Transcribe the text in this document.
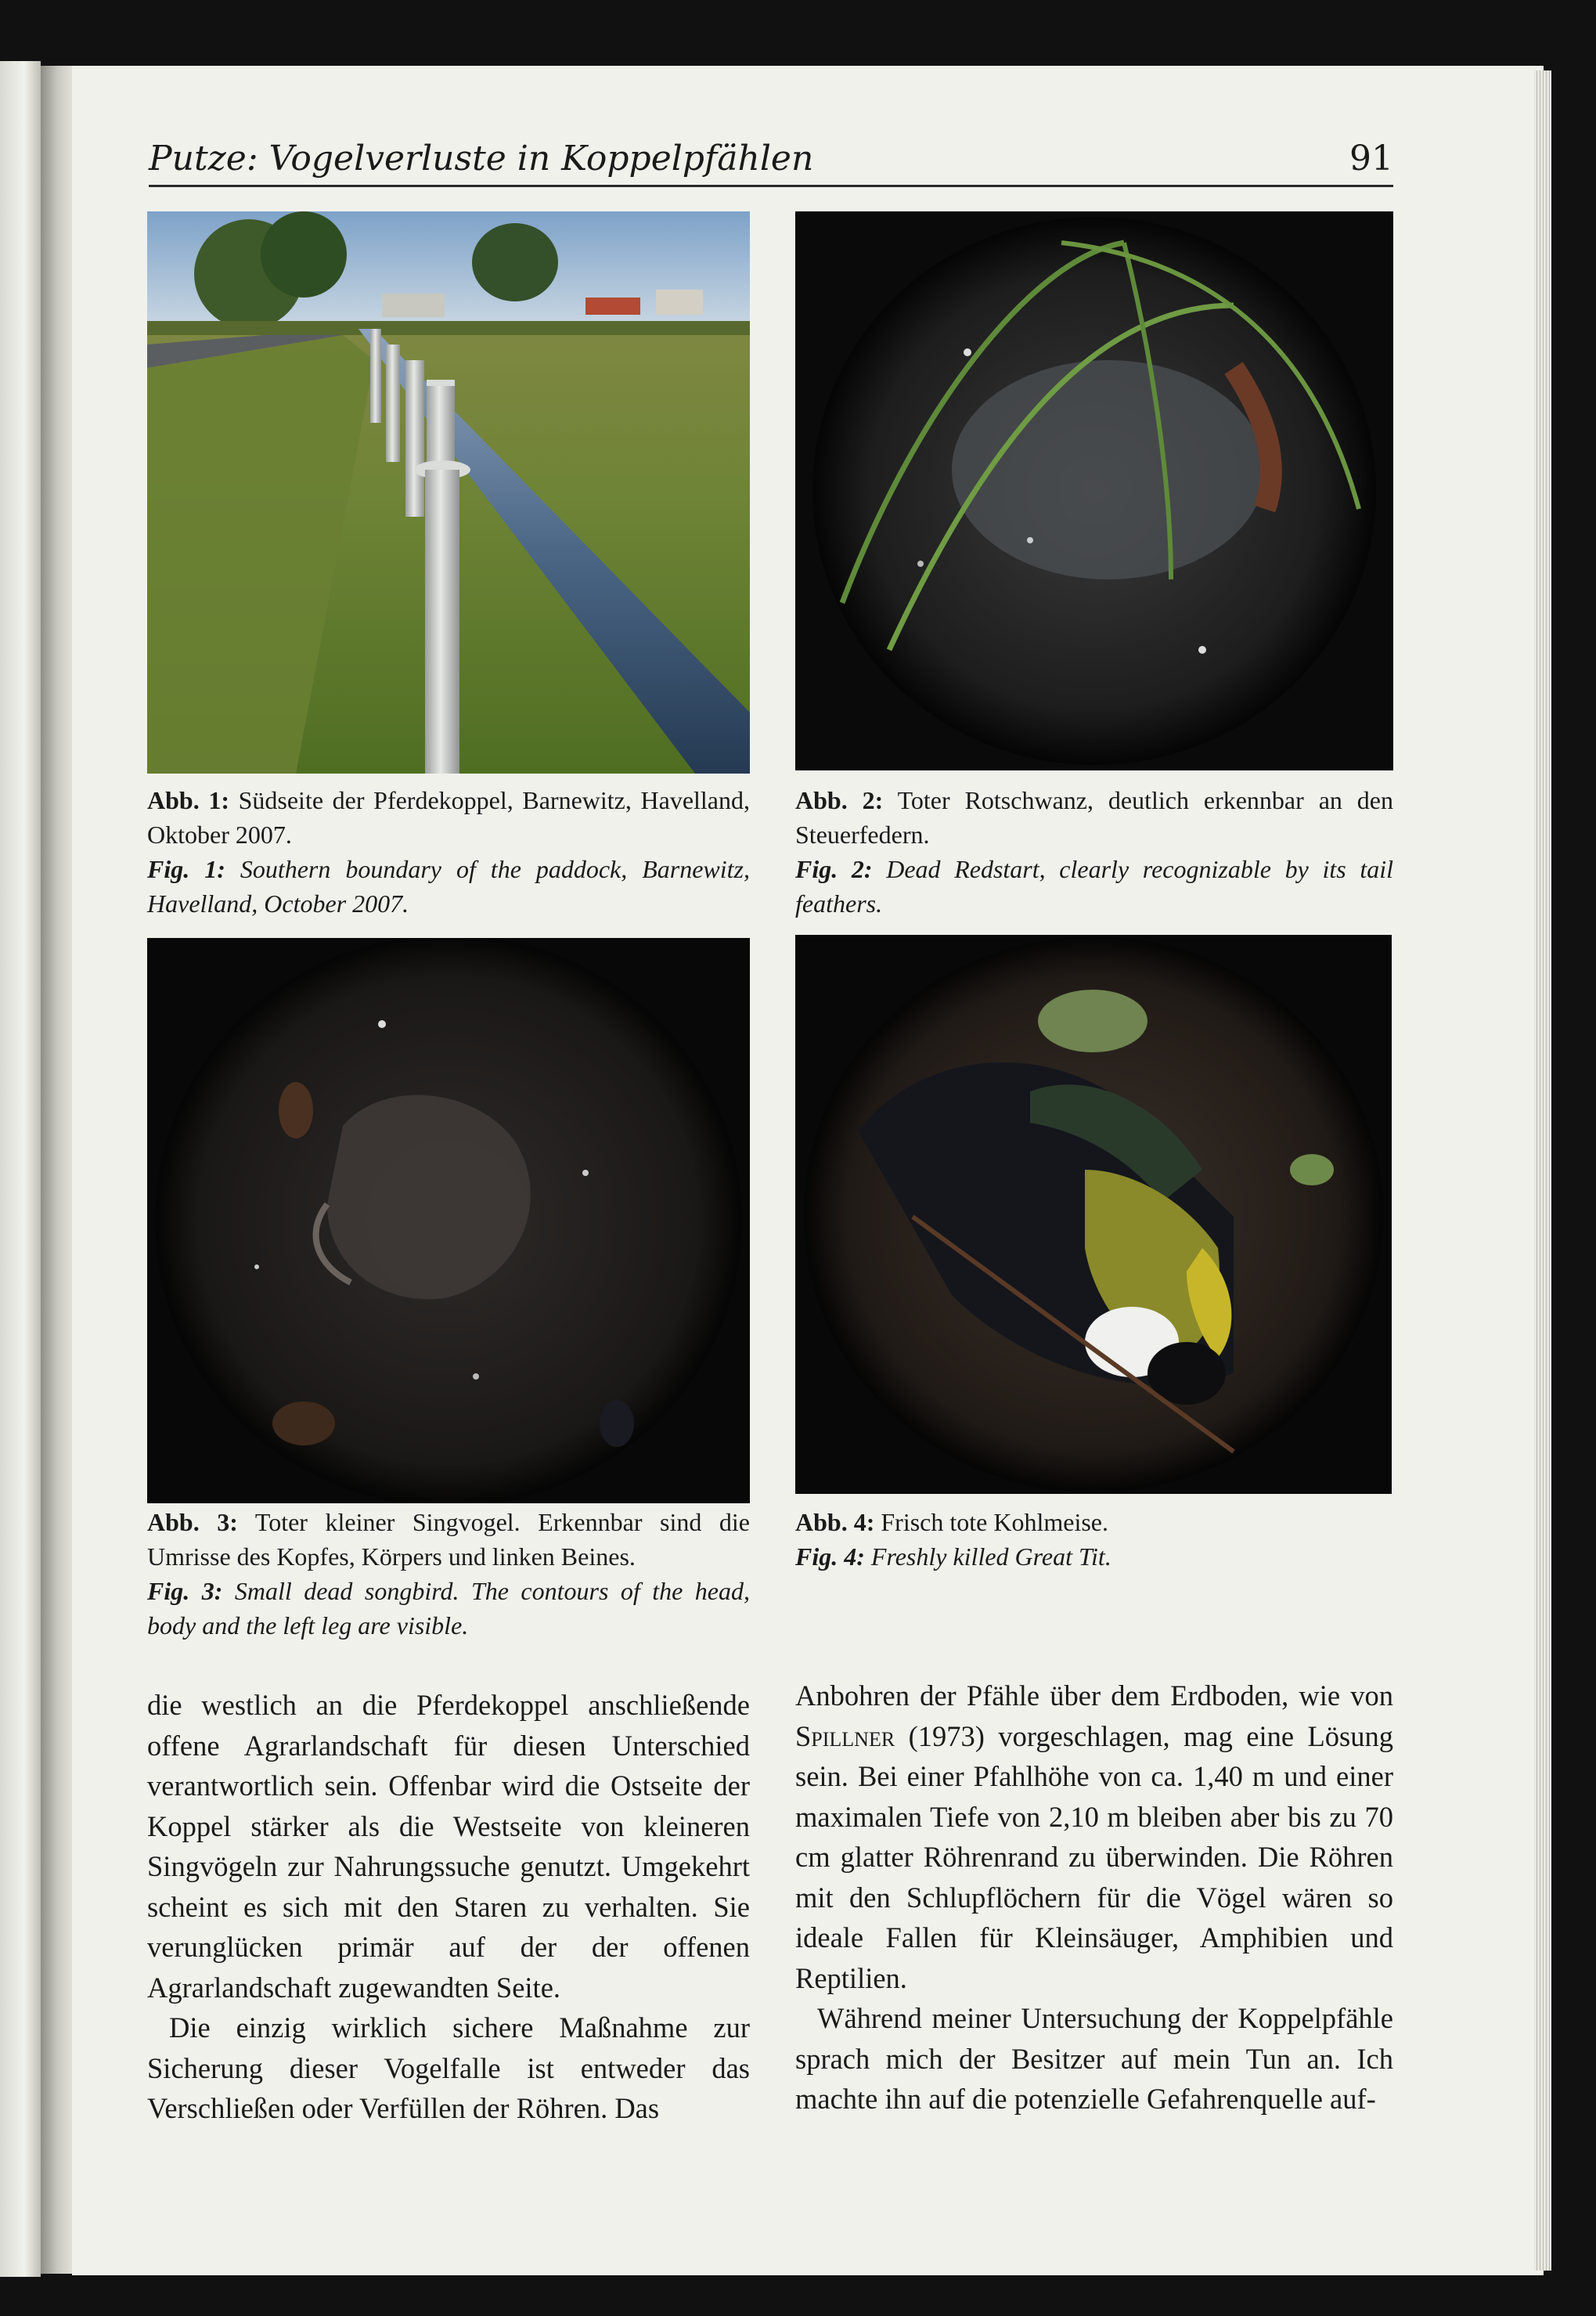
Putze: Vogelverluste in Koppelpfählen	91

Abb. 1: Südseite der Pferdekoppel, Barnewitz, Havelland, Oktober 2007.

Fig. 1: Southern boundary of the paddock, Barnewitz, Havelland, October 2007.

Abb. 2: Toter Rotschwanz, deutlich erkennbar an den Steuerfedern.

Fig. 2: Dead Redstart, clearly recognizable by its tail feathers.

Abb. 3: Toter kleiner Singvogel. Erkennbar sind die Umrisse des Kopfes, Körpers und linken Beines.

Fig. 3: Small dead songbird. The contours of the head, body and the left leg are visible.

Abb. 4: Frisch tote Kohlmeise.

Fig. 4: Freshly killed Great Tit.

die westlich an die Pferdekoppel anschließende offene Agrarlandschaft für diesen Unterschied verantwortlich sein. Offenbar wird die Ostseite der Koppel stärker als die Westseite von kleineren Singvögeln zur Nahrungssuche genutzt. Umgekehrt scheint es sich mit den Staren zu verhalten. Sie verunglücken primär auf der der offenen Agrarlandschaft zugewandten Seite.

Die einzig wirklich sichere Maßnahme zur Sicherung dieser Vogelfalle ist entweder das Verschließen oder Verfüllen der Röhren. Das

Anbohren der Pfähle über dem Erdboden, wie von Spillner (1973) vorgeschlagen, mag eine Lösung sein. Bei einer Pfahlhöhe von ca. 1,40 m und einer maximalen Tiefe von 2,10 m bleiben aber bis zu 70 cm glatter Röhrenrand zu überwinden. Die Röhren mit den Schlupflöchern für die Vögel wären so ideale Fallen für Kleinsäuger, Amphibien und Reptilien.

Während meiner Untersuchung der Koppelpfähle sprach mich der Besitzer auf mein Tun an. Ich machte ihn auf die potenzielle Gefahrenquelle auf-
